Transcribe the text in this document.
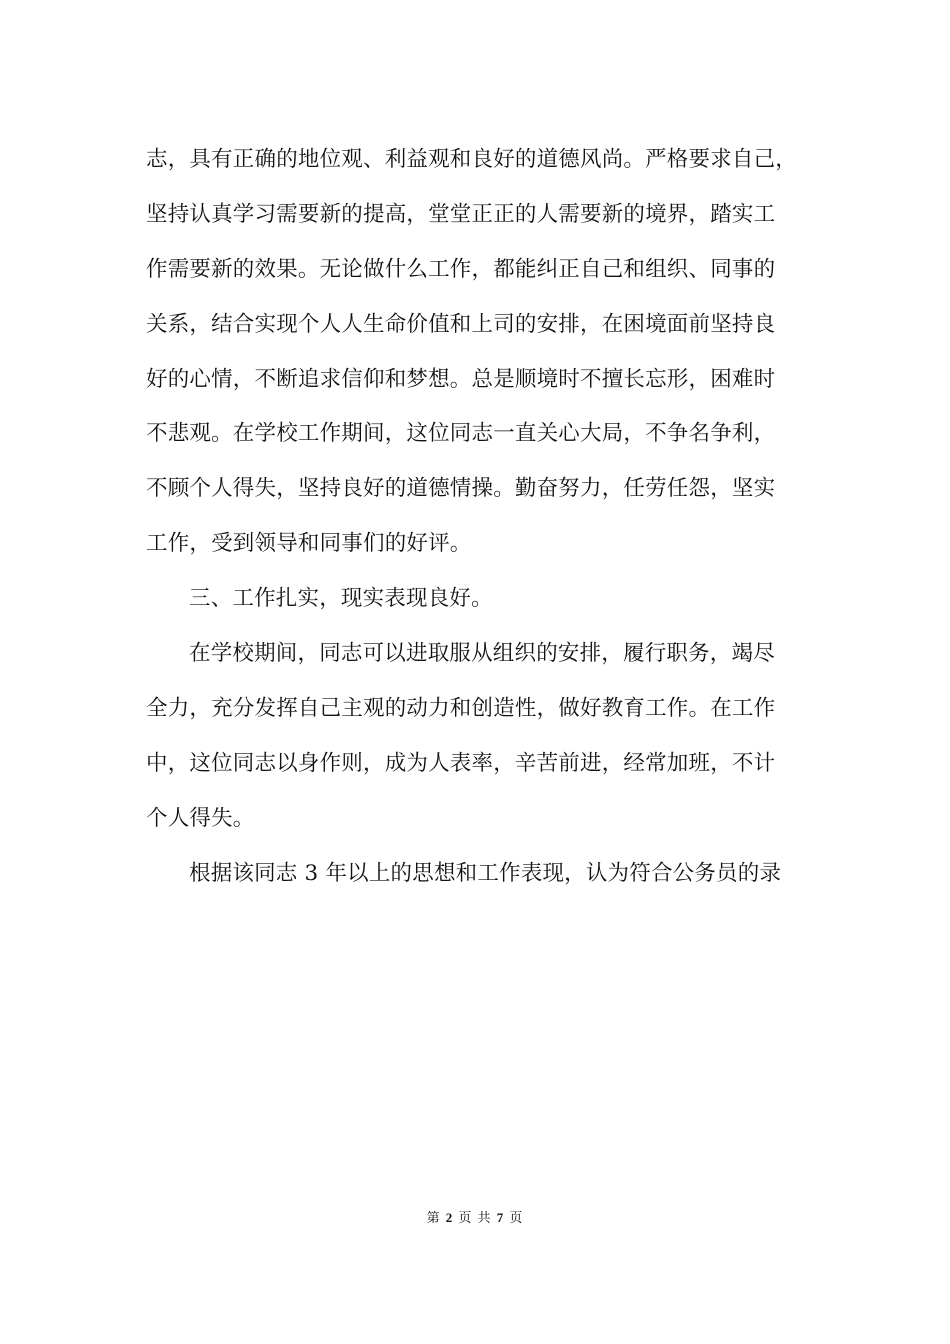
志，具有正确的地位观、利益观和良好的道德风尚。严格要求自己，
坚持认真学习需要新的提高，堂堂正正的人需要新的境界，踏实工
作需要新的效果。无论做什么工作，都能纠正自己和组织、同事的
关系，结合实现个人人生命价值和上司的安排，在困境面前坚持良
好的心情，不断追求信仰和梦想。总是顺境时不擅长忘形，困难时
不悲观。在学校工作期间，这位同志一直关心大局，不争名争利，
不顾个人得失，坚持良好的道德情操。勤奋努力，任劳任怨，坚实
工作，受到领导和同事们的好评。
三、工作扎实，现实表现良好。
在学校期间，同志可以进取服从组织的安排，履行职务，竭尽
全力，充分发挥自己主观的动力和创造性，做好教育工作。在工作
中，这位同志以身作则，成为人表率，辛苦前进，经常加班，不计
个人得失。
根据该同志 3 年以上的思想和工作表现，认为符合公务员的录
第 2 页 共 7 页
